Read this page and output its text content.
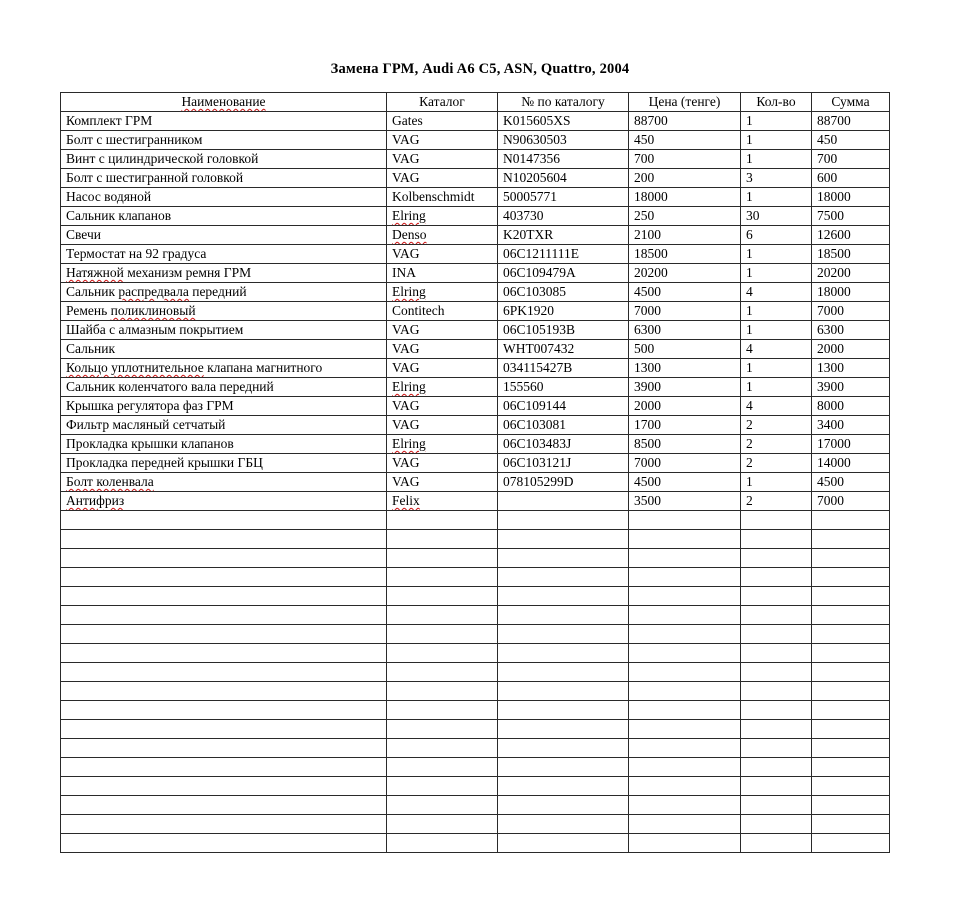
Замена ГРМ, Audi A6 C5, ASN, Quattro, 2004
Наименование	Каталог	№ по каталогу	Цена (тенге)	Кол-во	Сумма
Комплект ГРМ	Gates	K015605XS	88700	1	88700
Болт с шестигранником	VAG	N90630503	450	1	450
Винт с цилиндрической головкой	VAG	N0147356	700	1	700
Болт с шестигранной головкой	VAG	N10205604	200	3	600
Насос водяной	Kolbenschmidt	50005771	18000	1	18000
Сальник клапанов	Elring	403730	250	30	7500
Свечи	Denso	K20TXR	2100	6	12600
Термостат на 92 градуса	VAG	06C1211111E	18500	1	18500
Натяжной механизм ремня ГРМ	INA	06C109479A	20200	1	20200
Сальник распредвала передний	Elring	06C103085	4500	4	18000
Ремень поликлиновый	Contitech	6PK1920	7000	1	7000
Шайба с алмазным покрытием	VAG	06C105193B	6300	1	6300
Сальник	VAG	WHT007432	500	4	2000
Кольцо уплотнительное клапана магнитного	VAG	034115427B	1300	1	1300
Сальник коленчатого вала передний	Elring	155560	3900	1	3900
Крышка регулятора фаз ГРМ	VAG	06C109144	2000	4	8000
Фильтр масляный сетчатый	VAG	06C103081	1700	2	3400
Прокладка крышки клапанов	Elring	06C103483J	8500	2	17000
Прокладка передней крышки ГБЦ	VAG	06C103121J	7000	2	14000
Болт коленвала	VAG	078105299D	4500	1	4500
Антифриз	Felix		3500	2	7000
